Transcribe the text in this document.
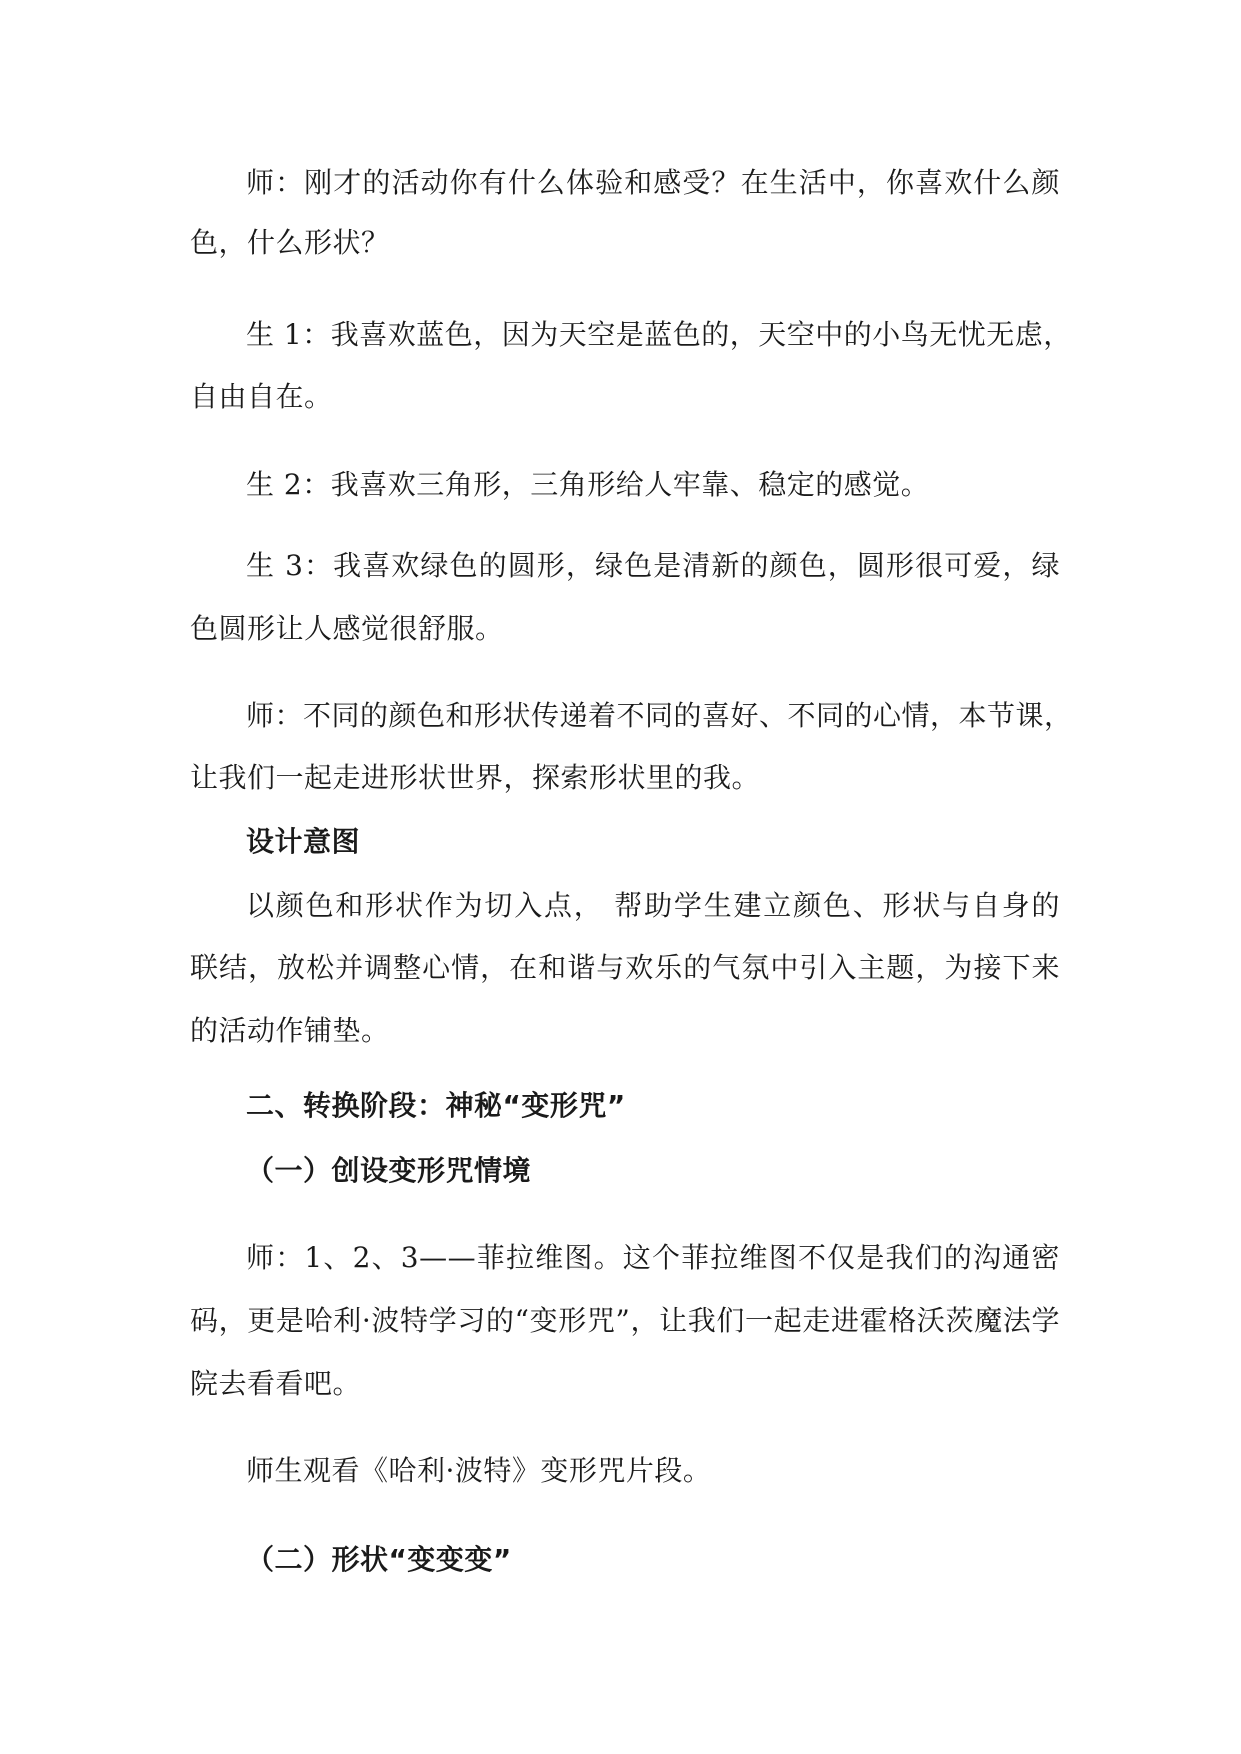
师：刚才的活动你有什么体验和感受？在生活中，你喜欢什么颜
色，什么形状？
生 1：我喜欢蓝色，因为天空是蓝色的，天空中的小鸟无忧无虑，
自由自在。
生 2：我喜欢三角形，三角形给人牢靠、稳定的感觉。
生 3：我喜欢绿色的圆形，绿色是清新的颜色，圆形很可爱，绿
色圆形让人感觉很舒服。
师：不同的颜色和形状传递着不同的喜好、不同的心情，本节课，
让我们一起走进形状世界，探索形状里的我。
设计意图
以颜色和形状作为切入点， 帮助学生建立颜色、形状与自身的
联结，放松并调整心情，在和谐与欢乐的气氛中引入主题，为接下来
的活动作铺垫。
二、转换阶段：神秘“变形咒”
（一）创设变形咒情境
师：1、2、3——菲拉维图。这个菲拉维图不仅是我们的沟通密
码，更是哈利·波特学习的“变形咒”，让我们一起走进霍格沃茨魔法学
院去看看吧。
师生观看《哈利·波特》变形咒片段。
（二）形状“变变变”
